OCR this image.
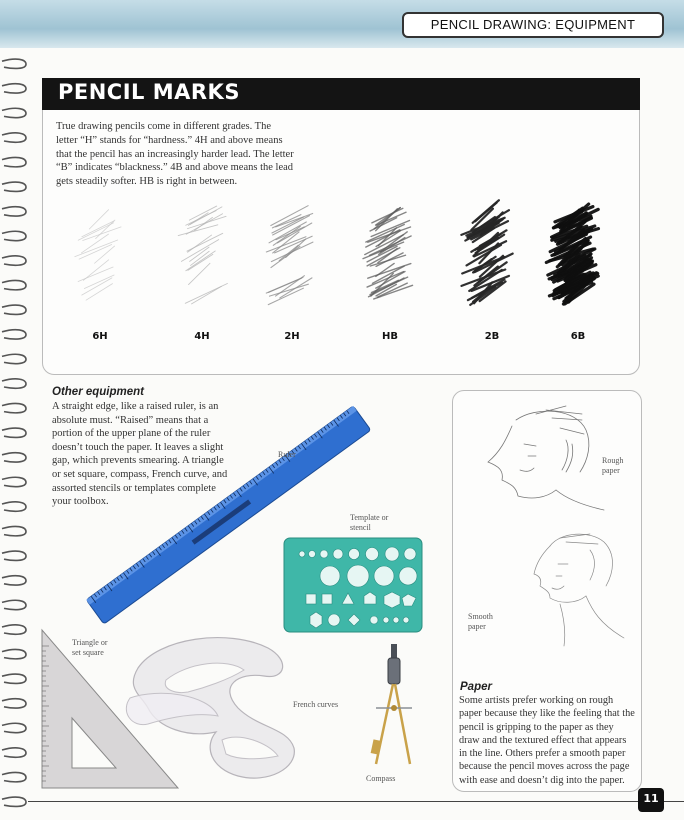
PENCIL DRAWING: EQUIPMENT
PENCIL MARKS
True drawing pencils come in different grades. The letter “H” stands for “hardness.” 4H and above means that the pencil has an increasingly harder lead. The letter “B” indicates “blackness.” 4B and above means the lead gets steadily softer. HB is right in between.
6H	4H	2H	HB	2B	6B
Other equipment
A straight edge, like a raised ruler, is an absolute must. “Raised” means that a portion of the upper plane of the ruler doesn’t touch the paper. It leaves a slight gap, which prevents smearing. A triangle or set square, compass, French curve, and assorted stencils or templates complete your toolbox.
Ruler
Template or
stencil
Triangle or
set square
French curves
Compass
Rough
paper
Smooth
paper
Paper
Some artists prefer working on rough paper because they like the feeling that the pencil is gripping to the paper as they draw and the textured effect that appears in the line. Others prefer a smooth paper because the pencil moves across the page with ease and doesn’t dig into the paper.
11
